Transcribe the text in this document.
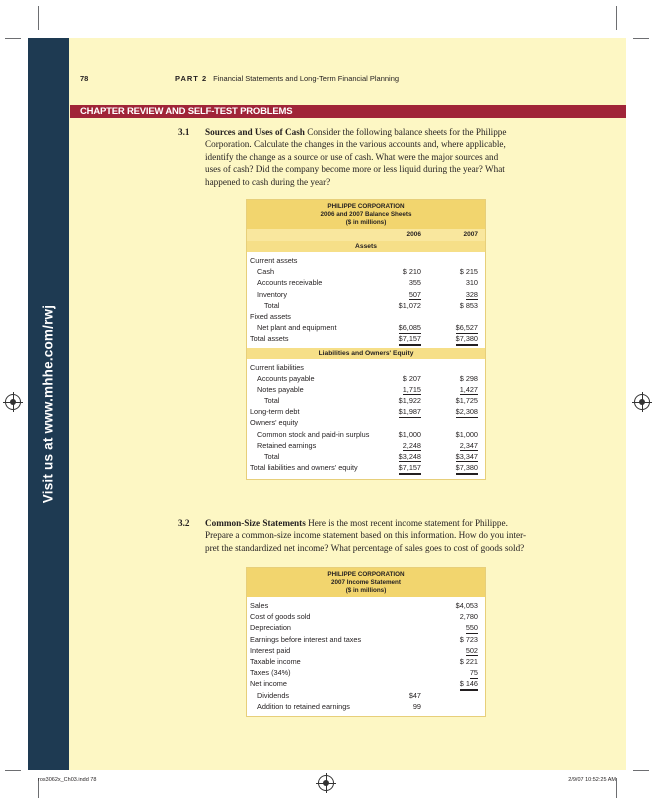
Visit us at www.mhhe.com/rwj
78	PART 2 Financial Statements and Long-Term Financial Planning
CHAPTER REVIEW AND SELF-TEST PROBLEMS
3.1 Sources and Uses of Cash Consider the following balance sheets for the Philippe
Corporation. Calculate the changes in the various accounts and, where applicable,
identify the change as a source or use of cash. What were the major sources and
uses of cash? Did the company become more or less liquid during the year? What
happened to cash during the year?
PHILIPPE CORPORATION
2006 and 2007 Balance Sheets
($ in millions)
2006	2007
Assets
Current assets
Cash	$ 210	$ 215
Accounts receivable	355	310
Inventory	507	328
Total	$1,072	$ 853
Fixed assets
Net plant and equipment	$6,085	$6,527
Total assets	$7,157	$7,380
Liabilities and Owners' Equity
Current liabilities
Accounts payable	$ 207	$ 298
Notes payable	1,715	1,427
Total	$1,922	$1,725
Long-term debt	$1,987	$2,308
Owners' equity
Common stock and paid-in surplus	$1,000	$1,000
Retained earnings	2,248	2,347
Total	$3,248	$3,347
Total liabilities and owners' equity	$7,157	$7,380
3.2 Common-Size Statements Here is the most recent income statement for Philippe.
Prepare a common-size income statement based on this information. How do you inter-
pret the standardized net income? What percentage of sales goes to cost of goods sold?
PHILIPPE CORPORATION
2007 Income Statement
($ in millions)
Sales	$4,053
Cost of goods sold	2,780
Depreciation	550
Earnings before interest and taxes	$ 723
Interest paid	502
Taxable income	$ 221
Taxes (34%)	75
Net income	$ 146
Dividends	$47
Addition to retained earnings	99
ros3062x_Ch03.indd 78	2/9/07 10:52:25 AM
